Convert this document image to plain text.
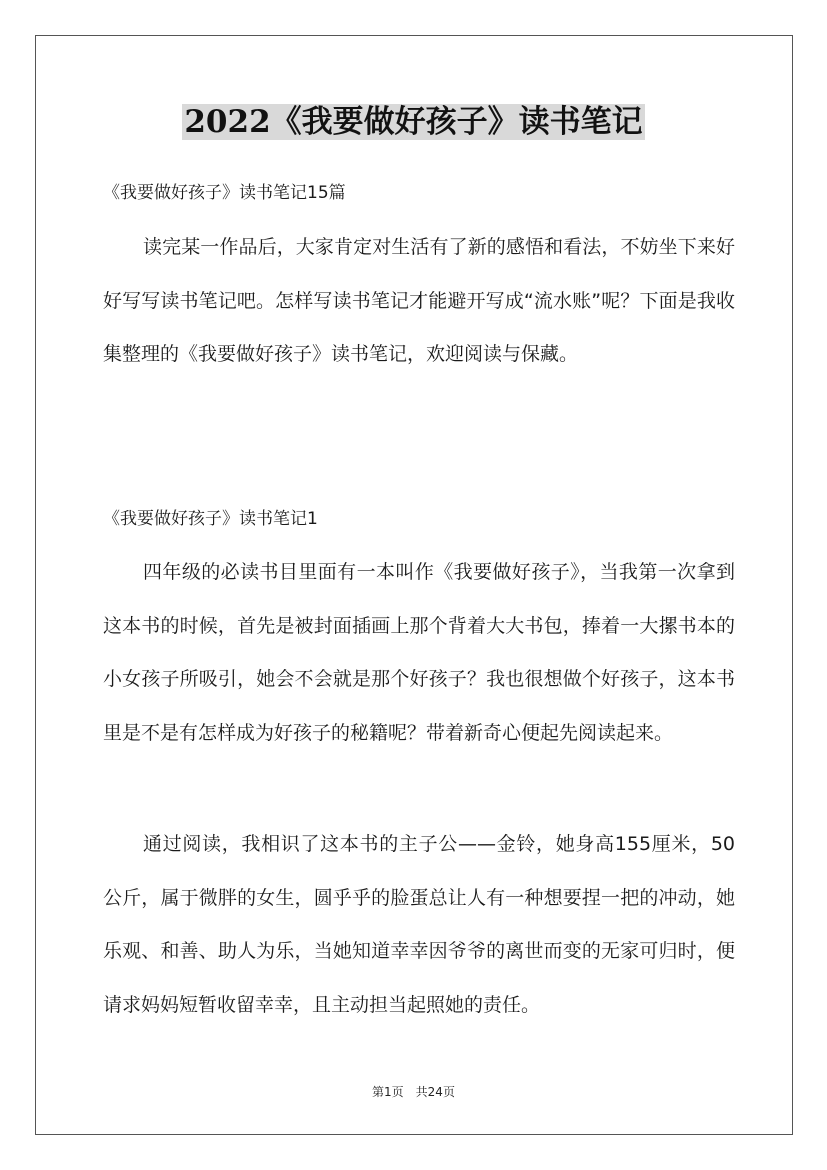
2022《我要做好孩子》读书笔记
《我要做好孩子》读书笔记15篇

读完某一作品后，大家肯定对生活有了新的感悟和看法，不妨坐下来好好写写读书笔记吧。怎样写读书笔记才能避开写成“流水账”呢？下面是我收集整理的《我要做好孩子》读书笔记，欢迎阅读与保藏。

《我要做好孩子》读书笔记1

四年级的必读书目里面有一本叫作《我要做好孩子》，当我第一次拿到这本书的时候，首先是被封面插画上那个背着大大书包，捧着一大摞书本的小女孩子所吸引，她会不会就是那个好孩子？我也很想做个好孩子，这本书里是不是有怎样成为好孩子的秘籍呢？带着新奇心便起先阅读起来。

通过阅读，我相识了这本书的主子公——金铃，她身高155厘米，50公斤，属于微胖的女生，圆乎乎的脸蛋总让人有一种想要捏一把的冲动，她乐观、和善、助人为乐，当她知道幸幸因爷爷的离世而变的无家可归时，便请求妈妈短暂收留幸幸，且主动担当起照她的责任。

第1页 共24页
